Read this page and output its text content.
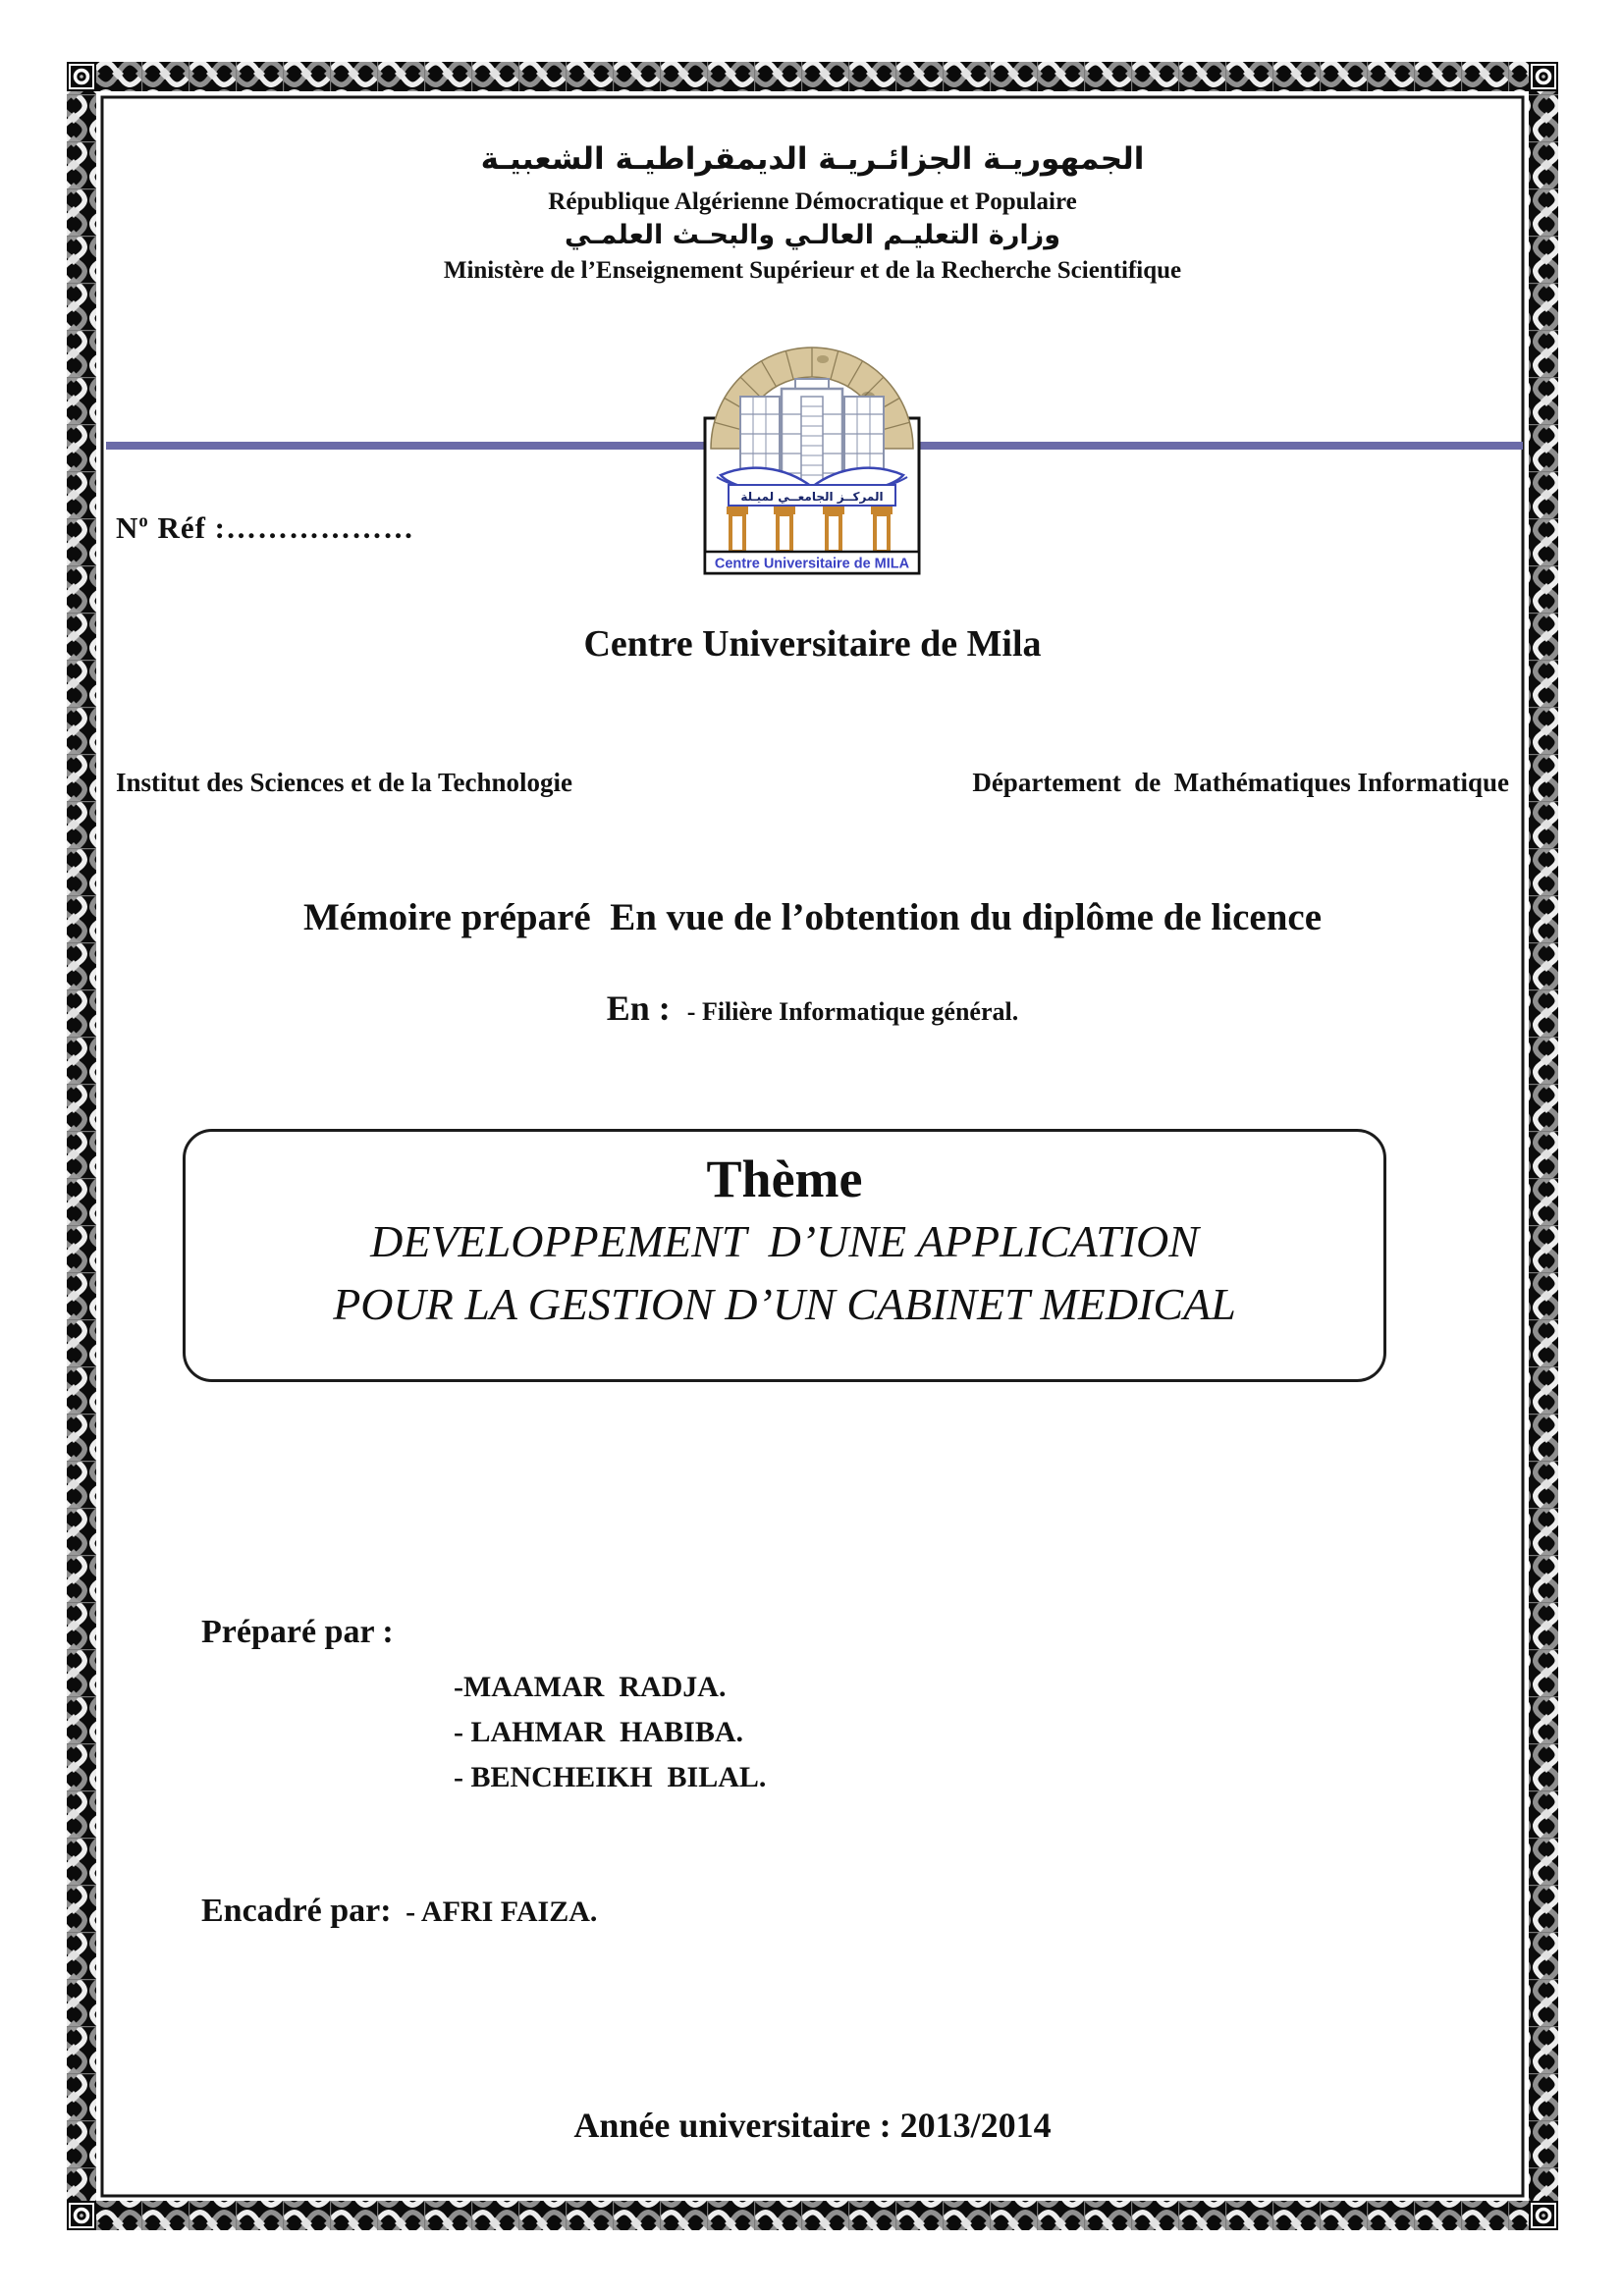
الجمهوريـة الجزائـريـة الديمقراطيـة الشعبيـة
République Algérienne Démocratique et Populaire
وزارة التعليـم العالـي والبحـث العلمـي
Ministère de l’Enseignement Supérieur et de la Recherche Scientifique
المركــز الجامعــي لميـلة
Centre Universitaire de MILA
$N^o$ Réf :………………
Centre Universitaire de Mila
Institut des Sciences et de la Technologie	Département  de  Mathématiques Informatique
Mémoire préparé  En vue de l’obtention du diplôme de licence
En : - Filière Informatique général.
Thème
DEVELOPPEMENT  D’UNE APPLICATION
POUR LA GESTION D’UN CABINET MEDICAL
Préparé par :
-MAAMAR  RADJA.
- LAHMAR  HABIBA.
- BENCHEIKH  BILAL.
Encadré par: - AFRI FAIZA.
Année universitaire : 2013/2014
